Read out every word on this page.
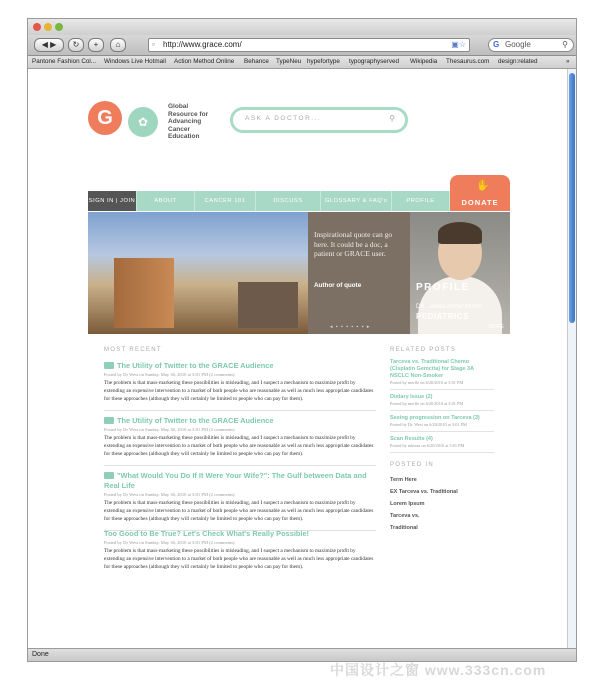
◀ ▶	↻	+	⌂	▫ http://www.grace.com/	▣☆	G Google	⚲
Pantone Fashion Col... Windows Live Hotmail Action Method Online Behance TypeNeu hypefortype typographyserved Wikipedia Thesaurus.com design:related	»
G	✿
Global Resource for Advancing Cancer Education
ASK A DOCTOR...	⚲
SIGN IN | JOIN	ABOUT	CANCER 101	DISCUSS	GLOSSARY & FAQ's	PROFILE
✋
DONATE
Inspirational quote can go here. It could be a doc, a patient or GRACE user.
Author of quote
◂ ▪ ▪ ▪ ▪ ▪ ▪ ▸
PROFILE
DR. James Arthur Munro
PEDIATRICS
MORE
MOST RECENT
The Utility of Twitter to the GRACE Audience
Posted by Dr West on Sunday, May 30, 2010 at 3:01 PM (2 comments)
The problem is that mass-marketing these possibilities is misleading, and I suspect a mechanism to maximize profit by extending an expensive intervention to a market of both people who are reasonable as well as much less appropriate candidates for these approaches (although they will certainly be limited to people who can pay for them).
The Utility of Twitter to the GRACE Audience
Posted by Dr West on Sunday, May 30, 2010 at 3:01 PM (2 comments)
The problem is that mass-marketing these possibilities is misleading, and I suspect a mechanism to maximize profit by extending an expensive intervention to a market of both people who are reasonable as well as much less appropriate candidates for these approaches (although they will certainly be limited to people who can pay for them).
"What Would You Do If It Were Your Wife?": The Gulf between Data and Real Life
Posted by Dr West on Sunday, May 30, 2010 at 3:01 PM (2 comments)
The problem is that mass-marketing these possibilities is misleading, and I suspect a mechanism to maximize profit by extending an expensive intervention to a market of both people who are reasonable as well as much less appropriate candidates for these approaches (although they will certainly be limited to people who can pay for them).
Too Good to Be True? Let's Check What's Really Possible!
Posted by Dr West on Sunday, May 30, 2010 at 3:01 PM (2 comments)
The problem is that mass-marketing these possibilities is misleading, and I suspect a mechanism to maximize profit by extending an expensive intervention to a market of both people who are reasonable as well as much less appropriate candidates for these approaches (although they will certainly be limited to people who can pay for them).
RELATED POSTS
Tarceva vs. Traditional Chemo (Cisplatin Gemcita) for Stage 3A NSCLC Non-Smoker
Posted by merfle on 6/20/2010 at 3:01 PM
Dietary Issue (2)
Posted by merfle on 6/20/2010 at 3:01 PM
Seeing progression on Tarceva (3)
Posted by Dr. West on 6/20/2010 at 3:01 PM
Scan Results (4)
Posted by mkteaa on 6/20/2010 at 3:01 PM
POSTED IN
Term Here
EX Tarceva vs. Traditional
Lorem Ipsum
Tarceva vs.
Traditional
Done
中国设计之窗 www.333cn.com
